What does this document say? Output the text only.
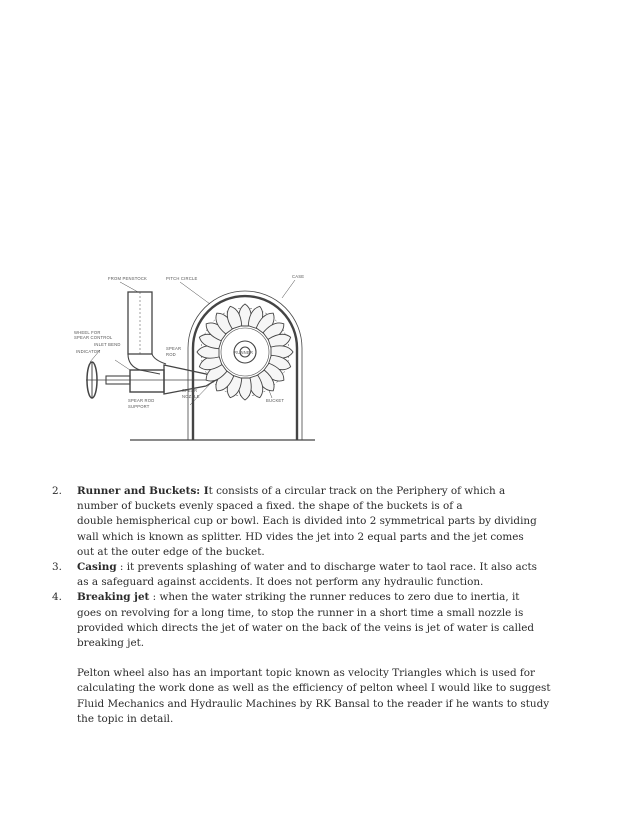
FROM PENSTOCK	PITCH CIRCLE	CASE
WHEEL FOR
SPEAR CONTROL
INLET BEND
INDICATOR
SPEAR
ROD	RUNNER
SPEAR
NOZZLE
BUCKET
SPEAR ROD
SUPPORT
2. Runner and Buckets: It consists of a circular track on the Periphery of which a
number of buckets evenly spaced a fixed. the shape of the buckets is of a
double hemispherical cup or bowl. Each is divided into 2 symmetrical parts by dividing
wall which is known as splitter. HD vides the jet into 2 equal parts and the jet comes
out at the outer edge of the bucket.
3. Casing : it prevents splashing of water and to discharge water to taol race. It also acts
as a safeguard against accidents. It does not perform any hydraulic function.
4. Breaking jet : when the water striking the runner reduces to zero due to inertia, it
goes on revolving for a long time, to stop the runner in a short time a small nozzle is
provided which directs the jet of water on the back of the veins is jet of water is called
breaking jet.
Pelton wheel also has an important topic known as velocity Triangles which is used for
calculating the work done as well as the efficiency of pelton wheel I would like to suggest
Fluid Mechanics and Hydraulic Machines by RK Bansal to the reader if he wants to study
the topic in detail.
